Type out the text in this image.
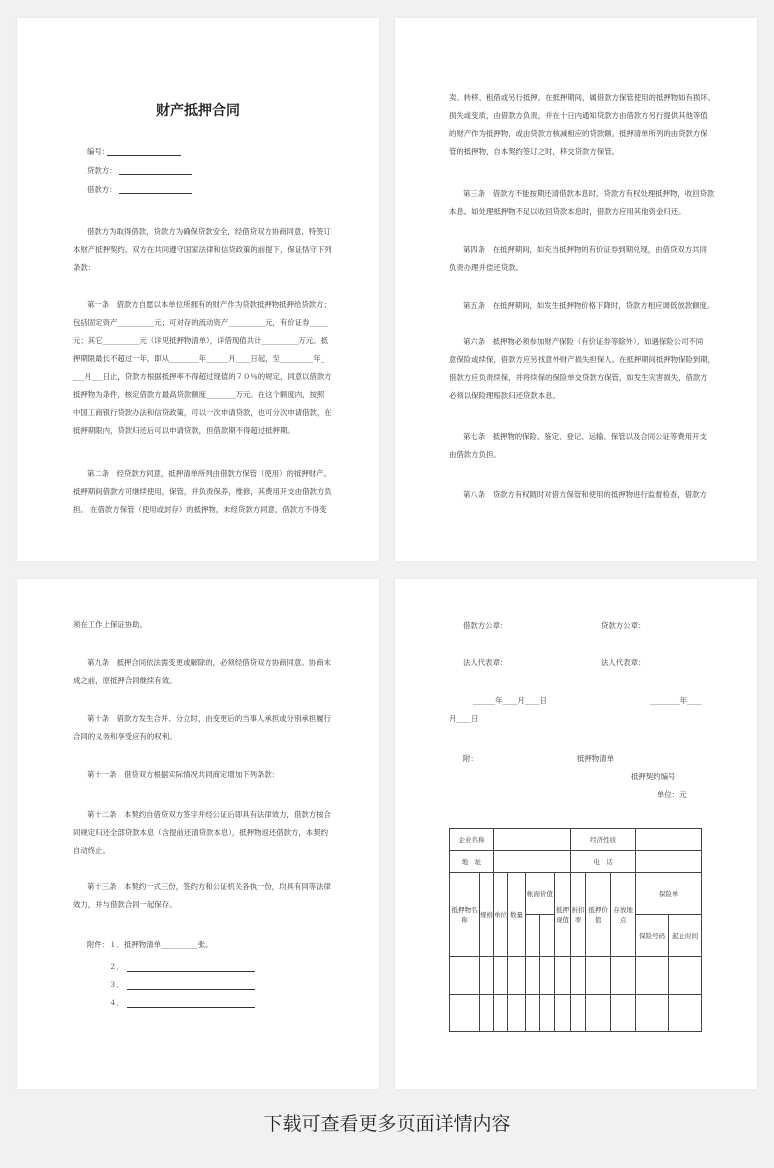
财产抵押合同
编号：
贷款方：
借款方：
借款方为取得借款，贷款方为确保贷款安全，经借贷双方协商同意，特签订
本财产抵押契约。双方在共同遵守国家法律和信贷政策的前提下，保证恪守下列
条款：
第一条　借款方自愿以本单位所拥有的财产作为贷款抵押物抵押给贷款方；
包括固定资产__________元；可对存的流动资产__________元，有价证券_____
元；其它__________元（详见抵押物清单），详借现值共计__________万元。抵
押期限最长不超过一年，即从________年______月____日起，至_________年_
___月___日止，贷款方根据抵押率不得超过现值的７０％的规定，同意以借款方
抵押物为条件，核定借款方最高贷款额度________万元。在这个额度内，按照
中国工商银行贷款办法和信贷政策，可以一次申请贷款，也可分次申请借款，在
抵押期限内，贷款归还后可以申请贷款，但借款期不得超过抵押期。
第二条　经贷款方同意，抵押清单所列由借款方保管（使用）的抵押财产。
抵押期间借款方可继续使用，保管，并负责保养，维修，其费用开支由借款方负
担。 在借款方保管（使用或封存）的抵押物，未经贷款方同意，借款方不得变
卖、转移、租借或另行抵押。在抵押期间，属借款方保管使用的抵押物如有损坏、
损失或变质，由借款方负责，并在十日内通知贷款方由借款方另行提供其他等值
的财产作为抵押物，或由贷款方核减相应的贷款额。抵押清单所列的由贷款方保
管的抵押物，自本契约签订之时，移交贷款方保管。
第三条　借款方不能按期还清借款本息时，贷款方有权处理抵押物，收回贷款
本息。如处理抵押物不足以收回贷款本息时，借款方应用其他资金归还。
第四条　在抵押期间，如充当抵押物的有价证券到期兑现，由借贷双方共同
负责办理并偿还贷款。
第五条　在抵押期间，如发生抵押物价格下降时，贷款方相应调低放款额度。
第六条　抵押物必须参加财产保险（有价证券等除外）。如遇保险公司不同
意保险或续保，借款方应另找意外财产损失担保人。在抵押期间抵押物保险到期，
借款方应负责续保，并将续保的保险单交贷款方保管，如发生灾害损失，借款方
必须以保险理赔款归还贷款本息。
第七条　抵押物的保险、鉴定、登记、运输、保管以及合同公证等费用开支
由借款方负担。
第八条　贷款方有权随时对借方保管和使用的抵押物进行监督检查，借款方
须在工作上保证协助。
第九条　抵押合同依法需变更或解除的，必须经借贷双方协商同意。协商未
成之前，原抵押合同继续有效。
第十条　借款方发生合并、分立时，由变更后的当事人承担或分别承担履行
合同的义务和享受应有的权利。
第十一条　借贷双方根据实际情况共同商定增加下列条款：
第十二条　本契约自借贷双方签字并经公证后即具有法律效力，借款方按合
同规定归还全部贷款本息（含提前还清贷款本息），抵押物返还借款方，本契约
自动终止。
第十三条　本契约一式三份，签约方和公证机关各执一份，均具有同等法律
效力，并与借款合同一起保存。
附件：１．抵押物清单__________张。
２．
３．
４．
借款方公章：	贷款方公章：
法人代表章：	法人代表章：
______年____月____日	________年____
月____日
附：	抵押物清单
抵押契约编号
单位：元
企业名称							经济性质				
地　址							电　话				
抵押物名称	规格	单位	数量	帐面价值		抵押现值	折扣率	抵押价值	存放地点	保险单	
										保险号码	起止时间

下载可查看更多页面详情内容
